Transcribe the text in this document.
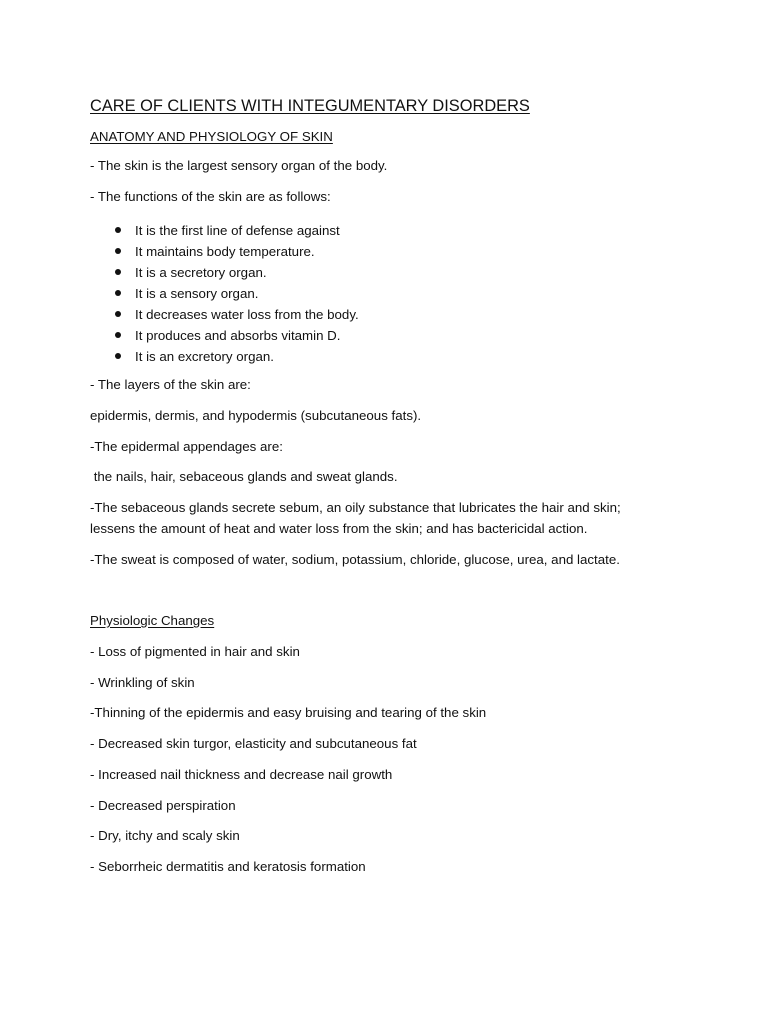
CARE OF CLIENTS WITH INTEGUMENTARY DISORDERS
ANATOMY AND PHYSIOLOGY OF SKIN
- The skin is the largest sensory organ of the body.
- The functions of the skin are as follows:
It is the first line of defense against
It maintains body temperature.
It is a secretory organ.
It is a sensory organ.
It decreases water loss from the body.
It produces and absorbs vitamin D.
It is an excretory organ.
- The layers of the skin are:
epidermis, dermis, and hypodermis (subcutaneous fats).
-The epidermal appendages are:
the nails, hair, sebaceous glands and sweat glands.
-The sebaceous glands secrete sebum, an oily substance that lubricates the hair and skin;
lessens the amount of heat and water loss from the skin; and has bactericidal action.
-The sweat is composed of water, sodium, potassium, chloride, glucose, urea, and lactate.
Physiologic Changes
- Loss of pigmented in hair and skin
- Wrinkling of skin
-Thinning of the epidermis and easy bruising and tearing of the skin
- Decreased skin turgor, elasticity and subcutaneous fat
- Increased nail thickness and decrease nail growth
- Decreased perspiration
- Dry, itchy and scaly skin
- Seborrheic dermatitis and keratosis formation
